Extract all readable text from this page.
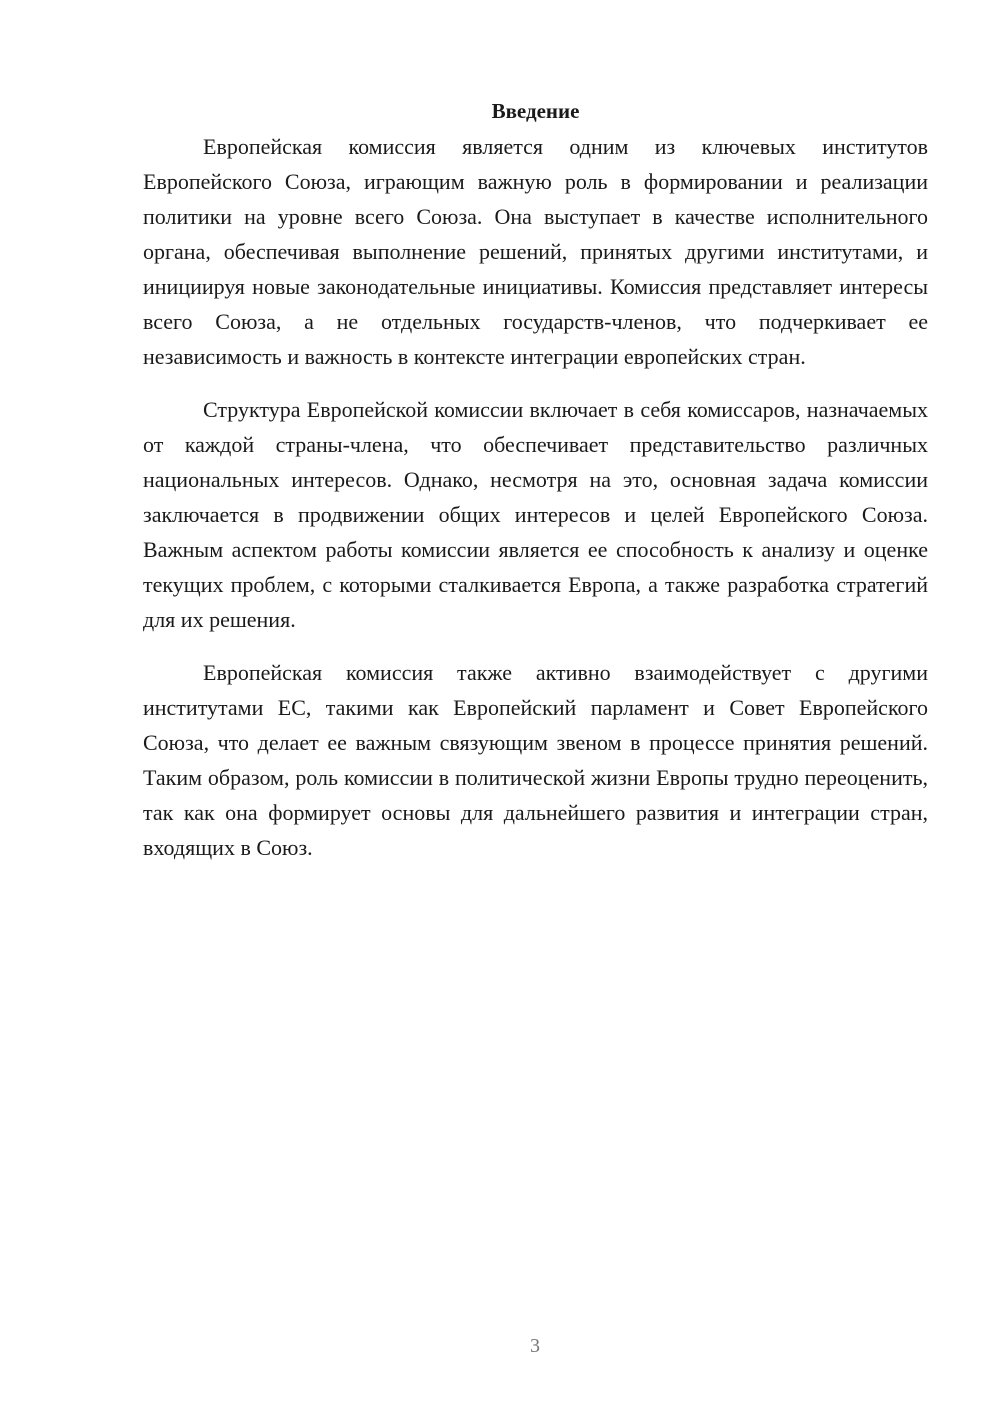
Введение

Европейская комиссия является одним из ключевых институтов Европейского Союза, играющим важную роль в формировании и реализации политики на уровне всего Союза. Она выступает в качестве исполнительного органа, обеспечивая выполнение решений, принятых другими институтами, и инициируя новые законодательные инициативы. Комиссия представляет интересы всего Союза, а не отдельных государств-членов, что подчеркивает ее независимость и важность в контексте интеграции европейских стран.

Структура Европейской комиссии включает в себя комиссаров, назначаемых от каждой страны-члена, что обеспечивает представительство различных национальных интересов. Однако, несмотря на это, основная задача комиссии заключается в продвижении общих интересов и целей Европейского Союза. Важным аспектом работы комиссии является ее способность к анализу и оценке текущих проблем, с которыми сталкивается Европа, а также разработка стратегий для их решения.

Европейская комиссия также активно взаимодействует с другими институтами ЕС, такими как Европейский парламент и Совет Европейского Союза, что делает ее важным связующим звеном в процессе принятия решений. Таким образом, роль комиссии в политической жизни Европы трудно переоценить, так как она формирует основы для дальнейшего развития и интеграции стран, входящих в Союз.

3
